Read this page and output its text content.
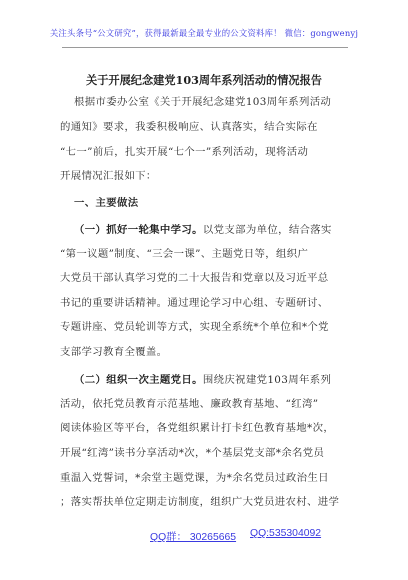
关注头条号“公文研究”，获得最新最全最专业的公文资料库！ 微信：gongwenyj
关于开展纪念建党103周年系列活动的情况报告
根据市委办公室《关于开展纪念建党103周年系列活动
的通知》要求，我委积极响应、认真落实，结合实际在
“七一”前后，扎实开展“七个一”系列活动，现将活动
开展情况汇报如下：
一、主要做法
（一）抓好一轮集中学习。以党支部为单位，结合落实
“第一议题”制度、“三会一课”、主题党日等，组织广
大党员干部认真学习党的二十大报告和党章以及习近平总
书记的重要讲话精神。通过理论学习中心组、专题研讨、
专题讲座、党员轮训等方式，实现全系统*个单位和*个党
支部学习教育全覆盖。
（二）组织一次主题党日。围绕庆祝建党103周年系列
活动，依托党员教育示范基地、廉政教育基地、“红湾”
阅读体验区等平台，各党组织累计打卡红色教育基地*次，
开展“红湾”读书分享活动*次，*个基层党支部*余名党员
重温入党誓词，*余堂主题党课，为*余名党员过政治生日
；落实帮扶单位定期走访制度，组织广大党员进农村、进学
QQ群： 30265665 QQ:535304092
